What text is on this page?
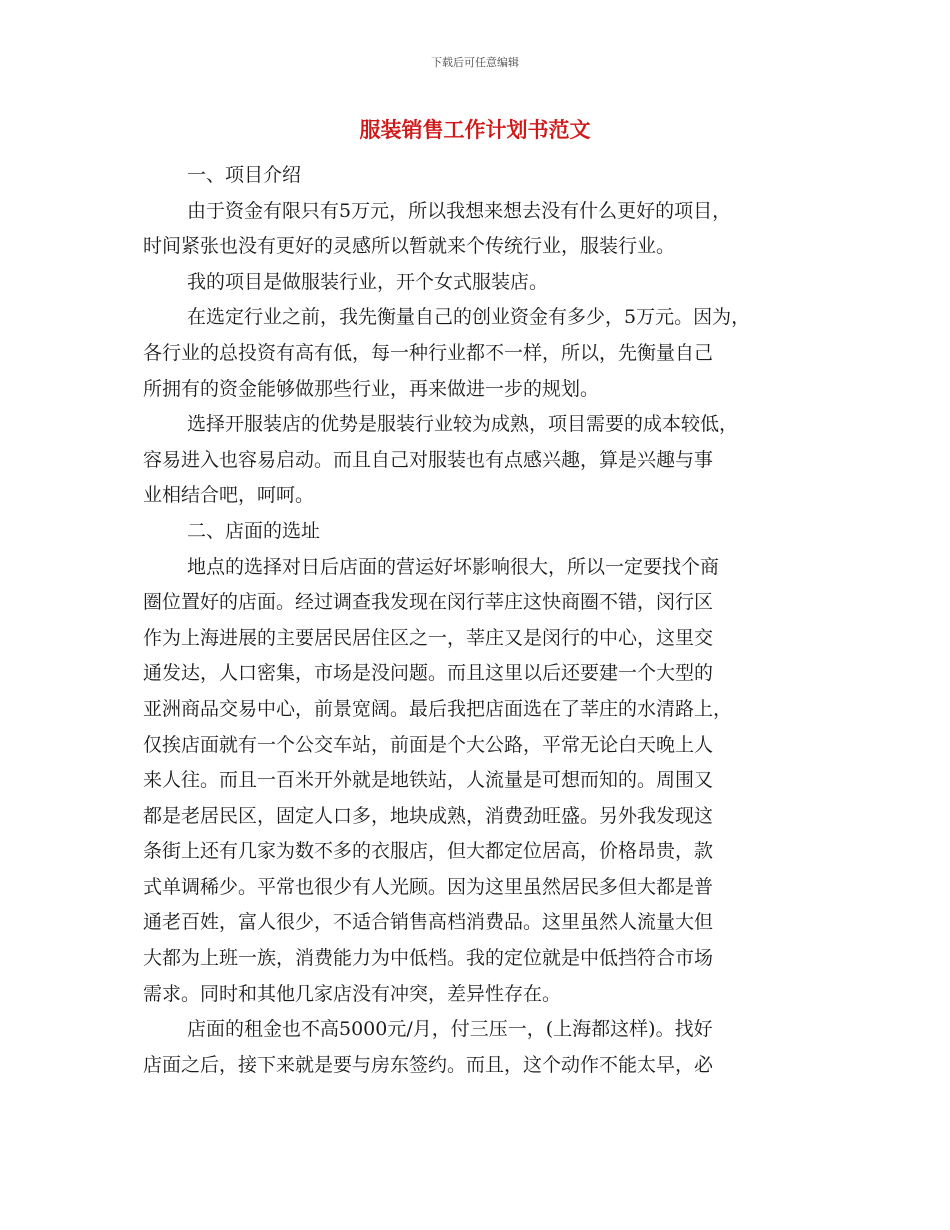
下载后可任意编辑
服装销售工作计划书范文
一、项目介绍
由于资金有限只有5万元，所以我想来想去没有什么更好的项目，
时间紧张也没有更好的灵感所以暂就来个传统行业，服装行业。
我的项目是做服装行业，开个女式服装店。
在选定行业之前，我先衡量自己的创业资金有多少，5万元。因为，
各行业的总投资有高有低，每一种行业都不一样，所以，先衡量自己
所拥有的资金能够做那些行业，再来做进一步的规划。
选择开服装店的优势是服装行业较为成熟，项目需要的成本较低，
容易进入也容易启动。而且自己对服装也有点感兴趣，算是兴趣与事
业相结合吧，呵呵。
二、店面的选址
地点的选择对日后店面的营运好坏影响很大，所以一定要找个商
圈位置好的店面。经过调查我发现在闵行莘庄这快商圈不错，闵行区
作为上海进展的主要居民居住区之一，莘庄又是闵行的中心，这里交
通发达，人口密集，市场是没问题。而且这里以后还要建一个大型的
亚洲商品交易中心，前景宽阔。最后我把店面选在了莘庄的水清路上，
仅挨店面就有一个公交车站，前面是个大公路，平常无论白天晚上人
来人往。而且一百米开外就是地铁站，人流量是可想而知的。周围又
都是老居民区，固定人口多，地块成熟，消费劲旺盛。另外我发现这
条街上还有几家为数不多的衣服店，但大都定位居高，价格昂贵，款
式单调稀少。平常也很少有人光顾。因为这里虽然居民多但大都是普
通老百姓，富人很少，不适合销售高档消费品。这里虽然人流量大但
大都为上班一族，消费能力为中低档。我的定位就是中低挡符合市场
需求。同时和其他几家店没有冲突，差异性存在。
店面的租金也不高5000元/月，付三压一，(上海都这样)。找好
店面之后，接下来就是要与房东签约。而且，这个动作不能太早，必
